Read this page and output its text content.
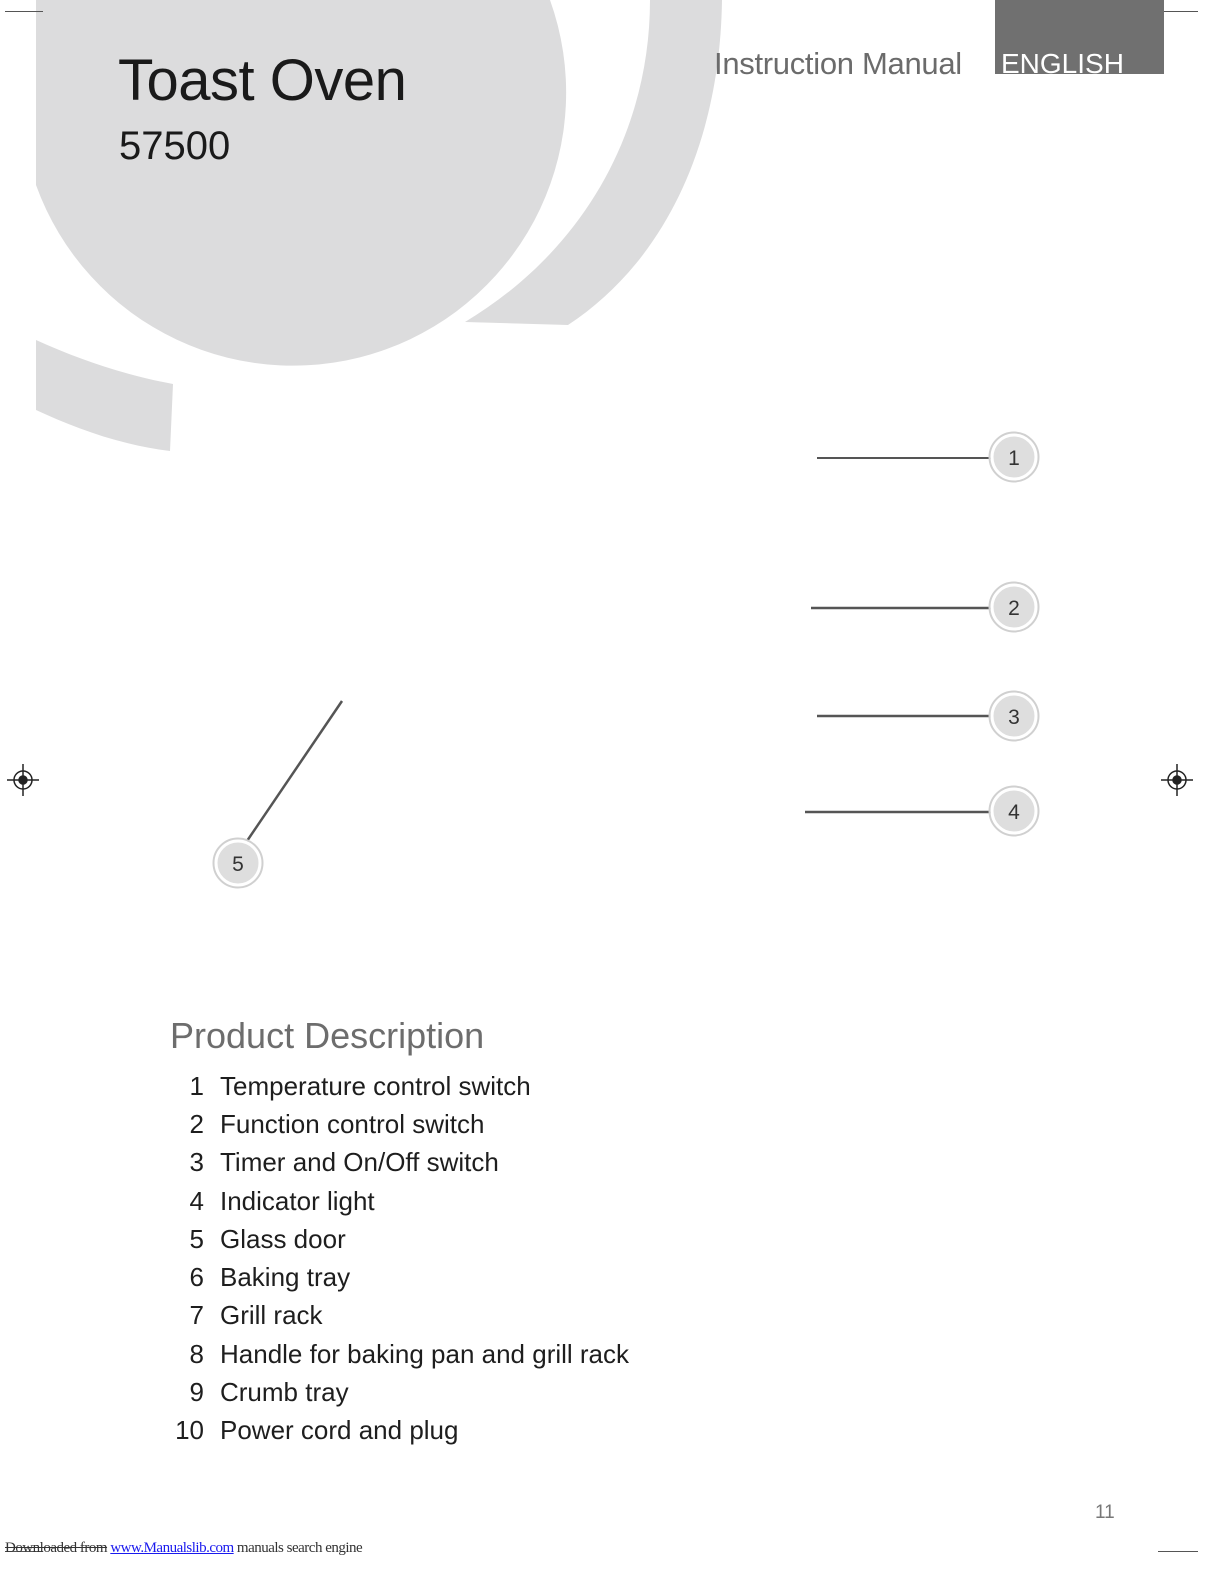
Toast Oven
57500
Instruction Manual ENGLISH
1
2
3
4
5
Product Description
1 Temperature control switch
2 Function control switch
3 Timer and On/Off switch
4 Indicator light
5 Glass door
6 Baking tray
7 Grill rack
8 Handle for baking pan and grill rack
9 Crumb tray
10 Power cord and plug
11
Downloaded from www.Manualslib.com manuals search engine
